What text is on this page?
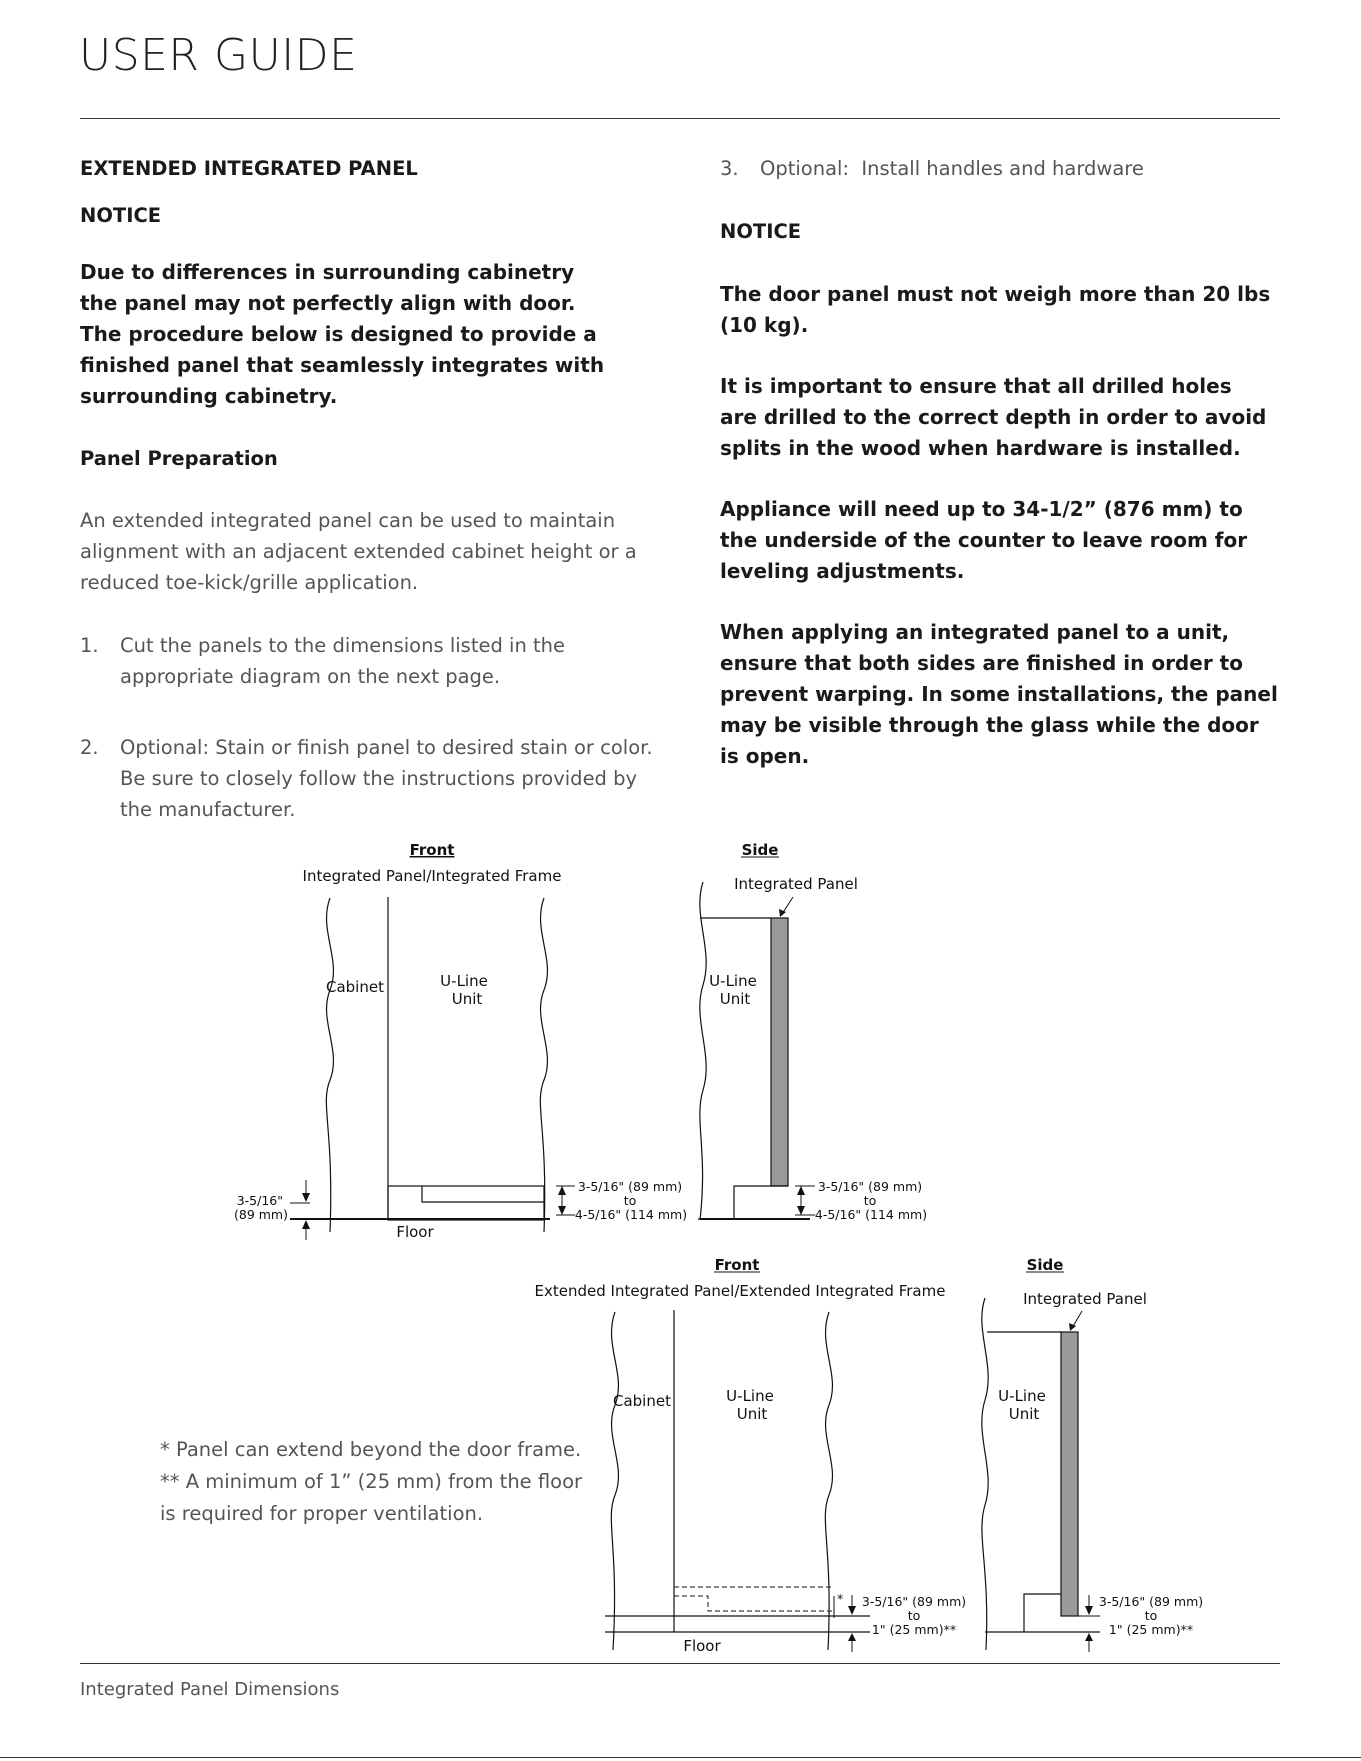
USER GUIDE
EXTENDED INTEGRATED PANEL
NOTICE
Due to differences in surrounding cabinetry
the panel may not perfectly align with door.
The procedure below is designed to provide a
finished panel that seamlessly integrates with
surrounding cabinetry.
Panel Preparation
An extended integrated panel can be used to maintain
alignment with an adjacent extended cabinet height or a
reduced toe-kick/grille application.
1. Cut the panels to the dimensions listed in the
appropriate diagram on the next page.
2. Optional: Stain or finish panel to desired stain or color.
Be sure to closely follow the instructions provided by
the manufacturer.
3. Optional:  Install handles and hardware
NOTICE
The door panel must not weigh more than 20 lbs
(10 kg).
It is important to ensure that all drilled holes
are drilled to the correct depth in order to avoid
splits in the wood when hardware is installed.
Appliance will need up to 34-1/2” (876 mm) to
the underside of the counter to leave room for
leveling adjustments.
When applying an integrated panel to a unit,
ensure that both sides are finished in order to
prevent warping. In some installations, the panel
may be visible through the glass while the door
is open.
Front
Integrated Panel/Integrated Frame
Cabinet	U-Line
Unit
Floor
3-5/16"
(89 mm)
3-5/16" (89 mm)
to
4-5/16" (114 mm)
Side
Integrated Panel
U-Line
Unit
3-5/16" (89 mm)
to
4-5/16" (114 mm)
Front
Extended Integrated Panel/Extended Integrated Frame
Cabinet	U-Line
Unit
*
Floor
3-5/16" (89 mm)
to
1" (25 mm)**
Side
Integrated Panel
U-Line
Unit
3-5/16" (89 mm)
to
1" (25 mm)**
* Panel can extend beyond the door frame.
** A minimum of 1” (25 mm) from the floor
is required for proper ventilation.
Integrated Panel Dimensions
